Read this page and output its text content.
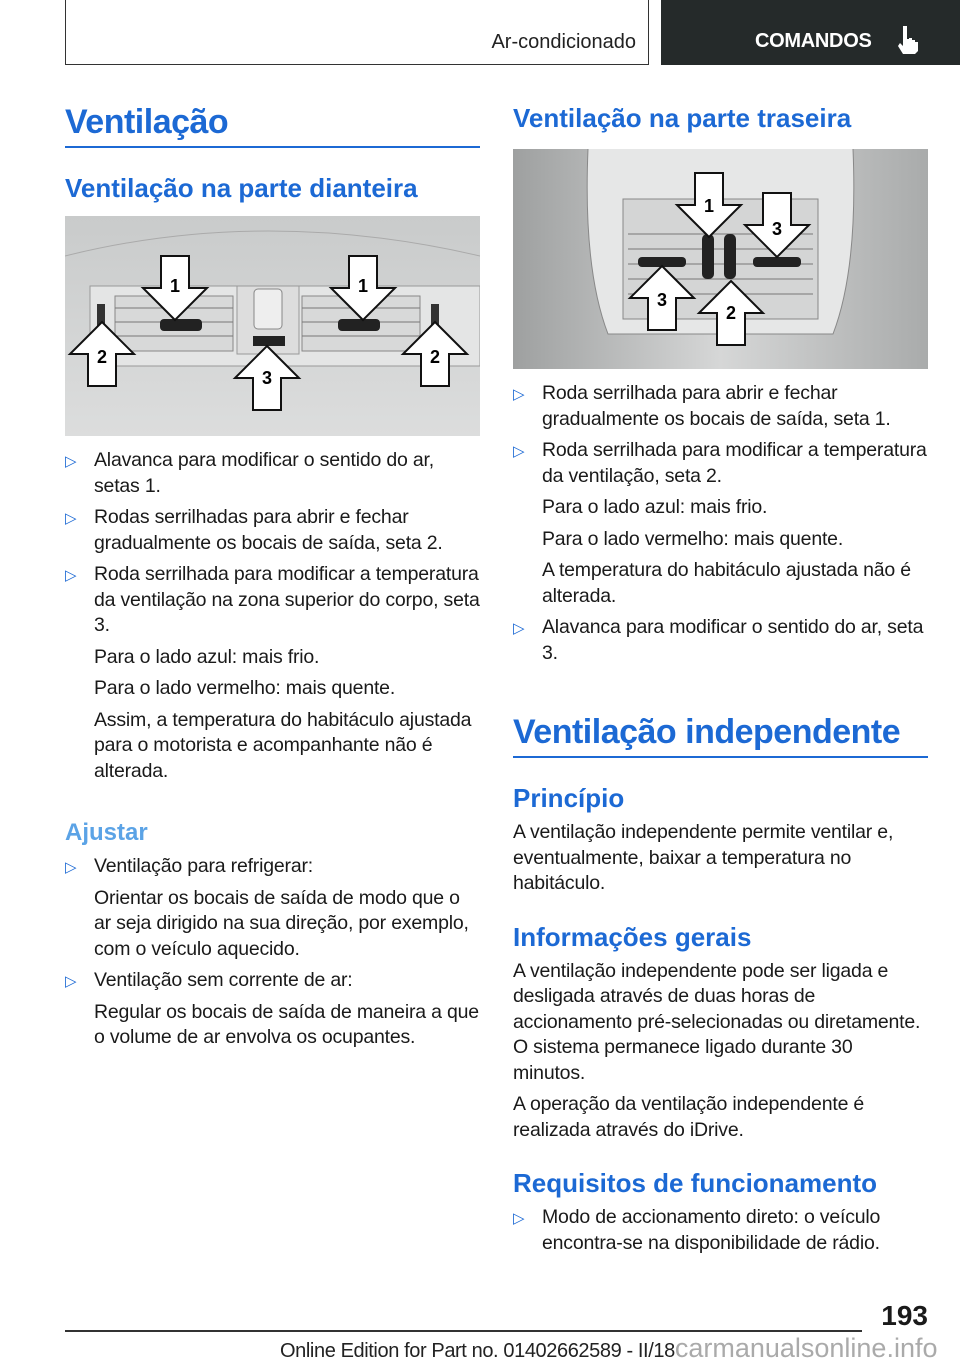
Ar-condicionado	COMANDOS
Ventilação
Ventilação na parte dianteira
1	1
2	2
3
▷ Alavanca para modificar o sentido do ar, setas 1.
▷ Rodas serrilhadas para abrir e fechar gradualmente os bocais de saída, seta 2.
▷ Roda serrilhada para modificar a temperatura da ventilação na zona superior do corpo, seta 3.

Para o lado azul: mais frio.

Para o lado vermelho: mais quente.

Assim, a temperatura do habitáculo ajustada para o motorista e acompanhante não é alterada.

Ajustar
▷ Ventilação para refrigerar:

Orientar os bocais de saída de modo que o ar seja dirigido na sua direção, por exemplo, com o veículo aquecido.

▷ Ventilação sem corrente de ar:

Regular os bocais de saída de maneira a que o volume de ar envolva os ocupantes.

Ventilação na parte traseira
1
3
3
2
▷ Roda serrilhada para abrir e fechar gradualmente os bocais de saída, seta 1.
▷ Roda serrilhada para modificar a temperatura da ventilação, seta 2.

Para o lado azul: mais frio.

Para o lado vermelho: mais quente.

A temperatura do habitáculo ajustada não é alterada.

▷ Alavanca para modificar o sentido do ar, seta 3.
Ventilação independente
Princípio

A ventilação independente permite ventilar e, eventualmente, baixar a temperatura no habitáculo.

Informações gerais

A ventilação independente pode ser ligada e desligada através de duas horas de accionamento pré-selecionadas ou diretamente. O sistema permanece ligado durante 30 minutos.

A operação da ventilação independente é realizada através do iDrive.

Requisitos de funcionamento
▷ Modo de accionamento direto: o veículo encontra-se na disponibilidade de rádio.
193
Online Edition for Part no. 01402662589 - II/18carmanualsonline.info
